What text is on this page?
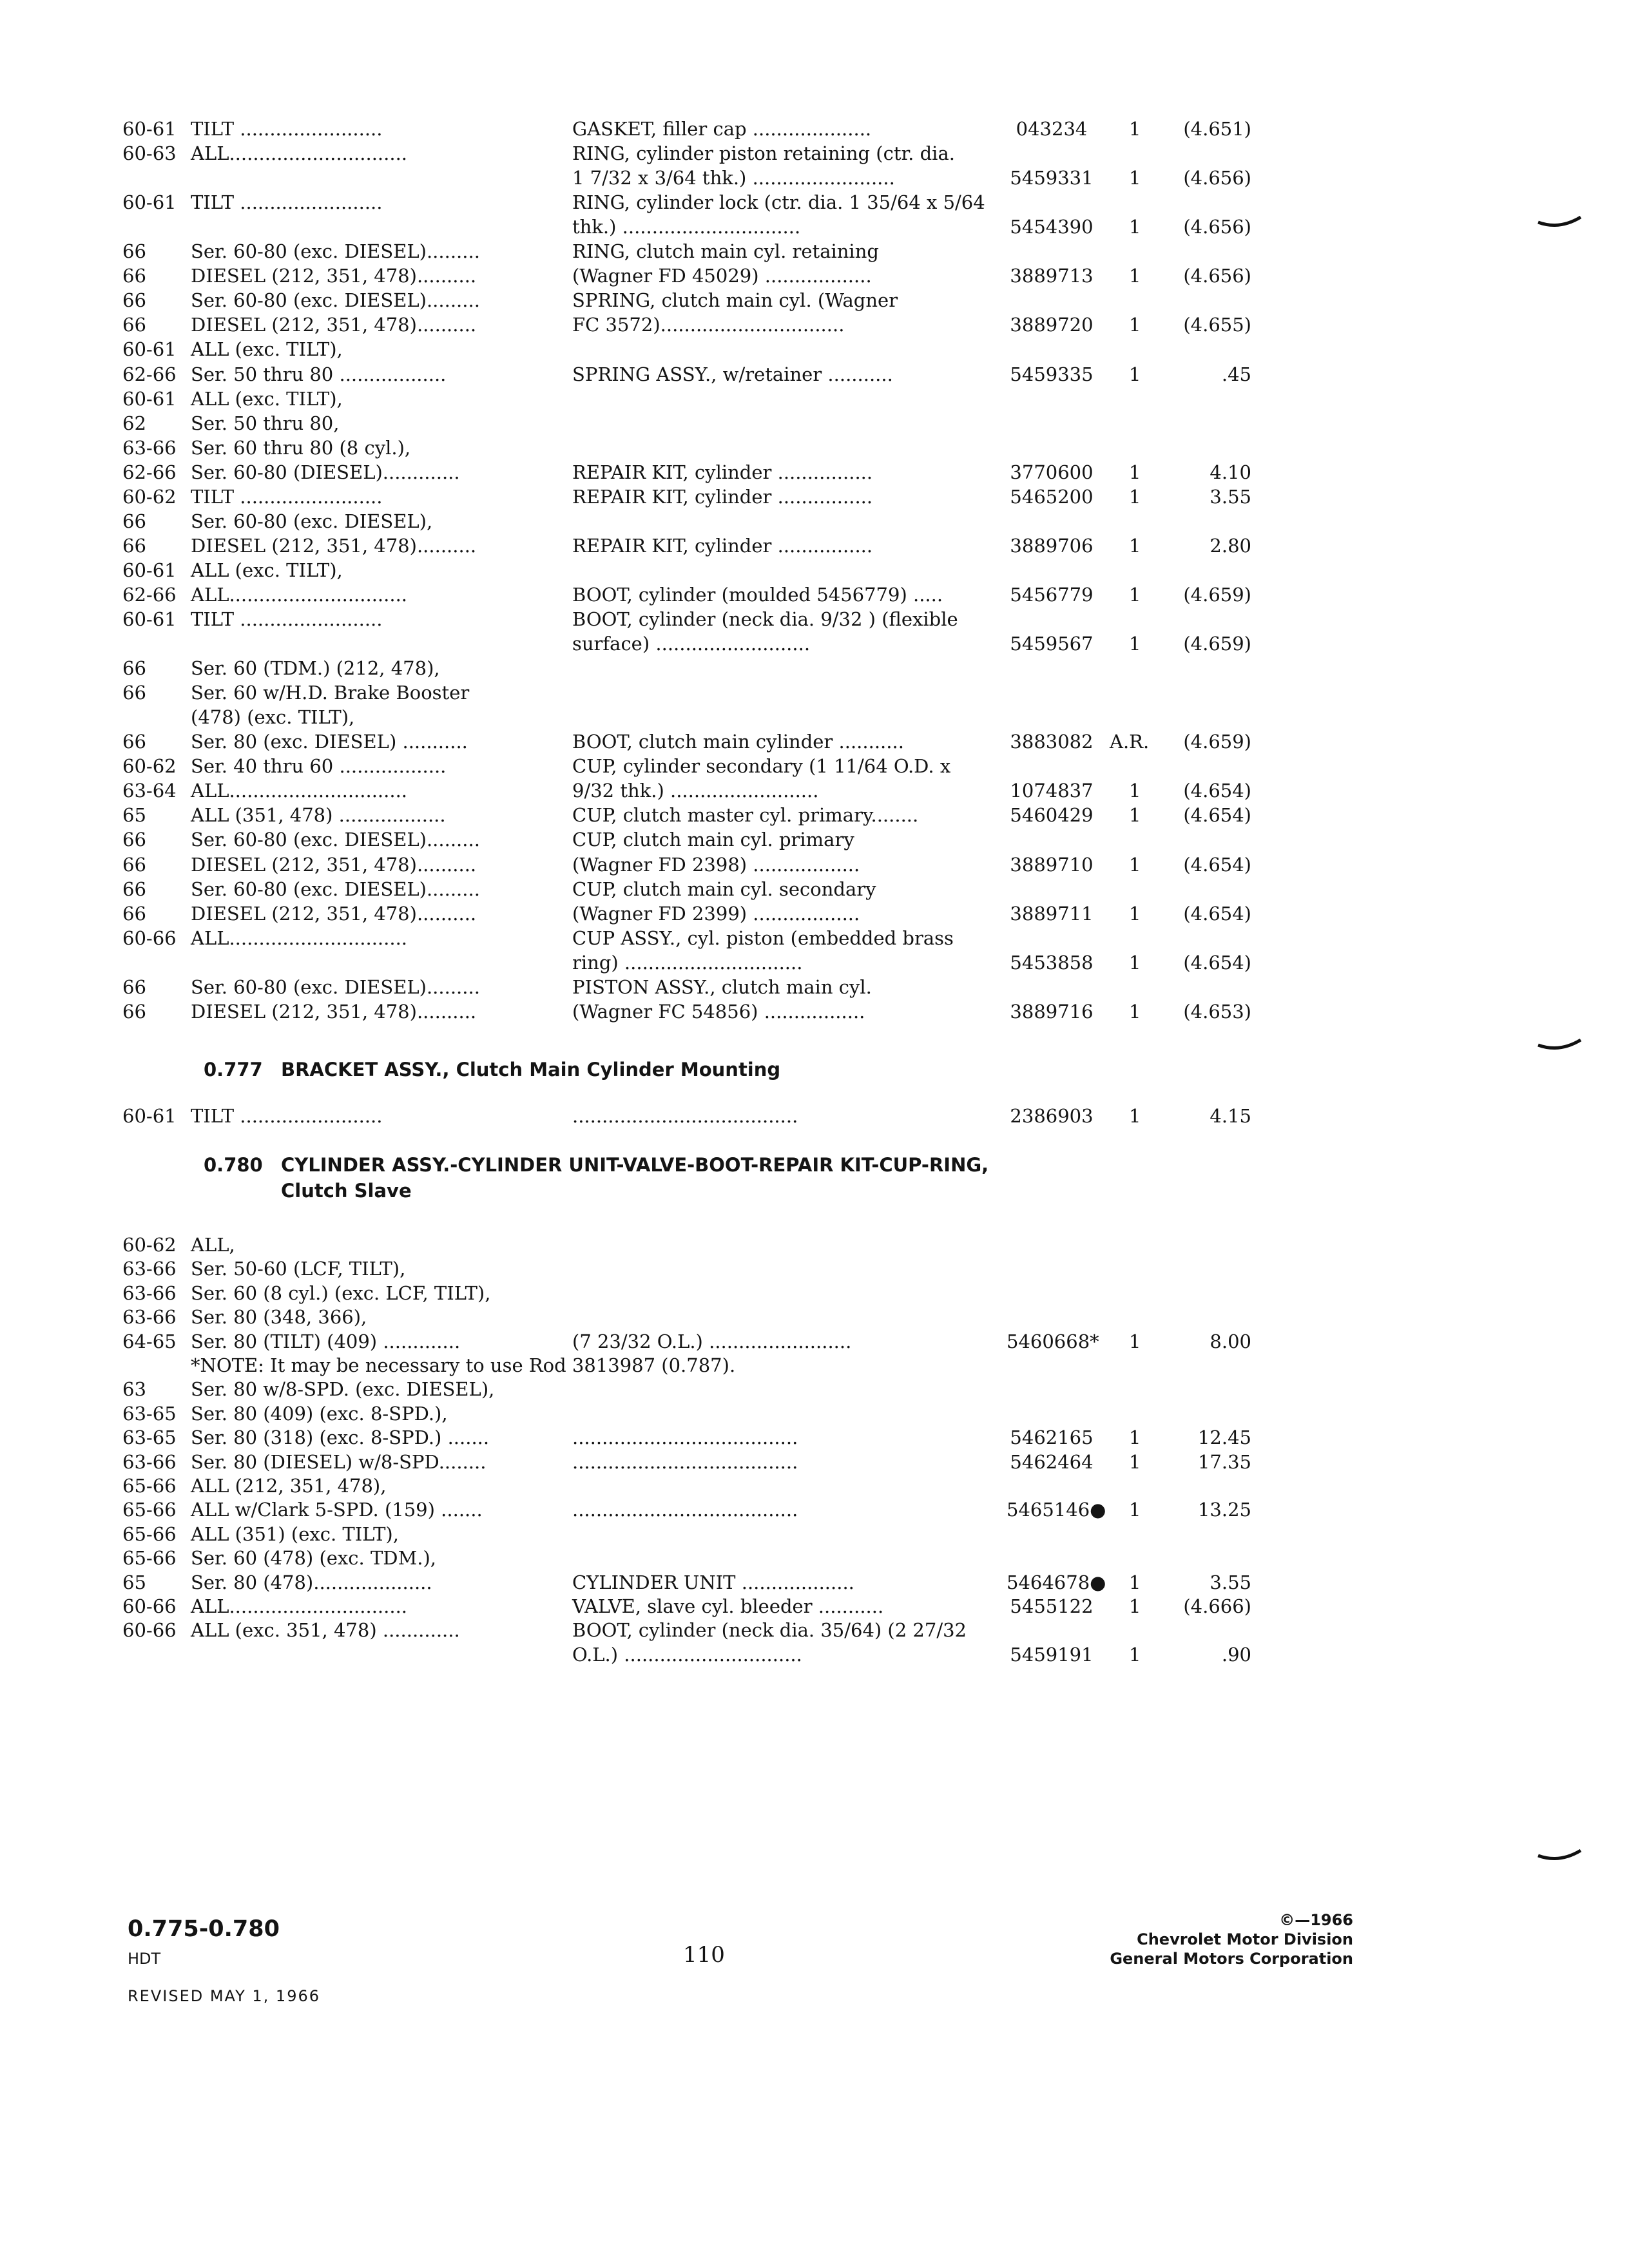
60-61 TILT ........................	GASKET, filler cap ....................	043234	1	(4.651)
60-63 ALL..............................	RING, cylinder piston retaining (ctr. dia.
1 7/32 x 3/64 thk.) ........................	5459331 1	(4.656)
60-61 TILT ........................	RING, cylinder lock (ctr. dia. 1 35/64 x 5/64
thk.) ..............................	5454390 1	(4.656)
66	Ser. 60-80 (exc. DIESEL).........	RING, clutch main cyl. retaining
66	DIESEL (212, 351, 478)..........	(Wagner FD 45029) ..................	3889713 1	(4.656)
66	Ser. 60-80 (exc. DIESEL).........	SPRING, clutch main cyl. (Wagner
66	DIESEL (212, 351, 478)..........	FC 3572)...............................	3889720 1	(4.655)
60-61 ALL (exc. TILT),
62-66 Ser. 50 thru 80 ..................	SPRING ASSY., w/retainer ...........	5459335 1	.45
60-61 ALL (exc. TILT),
62	Ser. 50 thru 80,
63-66 Ser. 60 thru 80 (8 cyl.),
62-66 Ser. 60-80 (DIESEL).............	REPAIR KIT, cylinder ................	3770600 1	4.10
60-62 TILT ........................	REPAIR KIT, cylinder ................	5465200 1	3.55
66	Ser. 60-80 (exc. DIESEL),
66	DIESEL (212, 351, 478)..........	REPAIR KIT, cylinder ................	3889706 1	2.80
60-61 ALL (exc. TILT),
62-66 ALL..............................	BOOT, cylinder (moulded 5456779) .....	5456779 1	(4.659)
60-61 TILT ........................	BOOT, cylinder (neck dia. 9/32 ) (flexible
surface) ..........................	5459567 1	(4.659)
66	Ser. 60 (TDM.) (212, 478),
66	Ser. 60 w/H.D. Brake Booster
(478) (exc. TILT),
66	Ser. 80 (exc. DIESEL) ...........	BOOT, clutch main cylinder ...........	3883082 A.R.	(4.659)
60-62 Ser. 40 thru 60 ..................	CUP, cylinder secondary (1 11/64 O.D. x
63-64 ALL..............................	9/32 thk.) .........................	1074837 1	(4.654)
65	ALL (351, 478) ..................	CUP, clutch master cyl. primary........	5460429 1	(4.654)
66	Ser. 60-80 (exc. DIESEL).........	CUP, clutch main cyl. primary
66	DIESEL (212, 351, 478)..........	(Wagner FD 2398) ..................	3889710 1	(4.654)
66	Ser. 60-80 (exc. DIESEL).........	CUP, clutch main cyl. secondary
66	DIESEL (212, 351, 478)..........	(Wagner FD 2399) ..................	3889711 1	(4.654)
60-66 ALL..............................	CUP ASSY., cyl. piston (embedded brass
ring) ..............................	5453858 1	(4.654)
66	Ser. 60-80 (exc. DIESEL).........	PISTON ASSY., clutch main cyl.
66	DIESEL (212, 351, 478)..........	(Wagner FC 54856) .................	3889716 1	(4.653)
0.777 BRACKET ASSY., Clutch Main Cylinder Mounting
60-61 TILT ........................	......................................	2386903 1	4.15
0.780 CYLINDER ASSY.-CYLINDER UNIT-VALVE-BOOT-REPAIR KIT-CUP-RING,
Clutch Slave
60-62 ALL,
63-66 Ser. 50-60 (LCF, TILT),
63-66 Ser. 60 (8 cyl.) (exc. LCF, TILT),
63-66 Ser. 80 (348, 366),
64-65 Ser. 80 (TILT) (409) .............	(7 23/32 O.L.) ........................	5460668* 1	8.00
*NOTE: It may be necessary to use Rod 3813987 (0.787).
63	Ser. 80 w/8-SPD. (exc. DIESEL),
63-65 Ser. 80 (409) (exc. 8-SPD.),
63-65 Ser. 80 (318) (exc. 8-SPD.) .......	......................................	5462165 1	12.45
63-66 Ser. 80 (DIESEL) w/8-SPD........	......................................	5462464 1	17.35
65-66 ALL (212, 351, 478),
65-66 ALL w/Clark 5-SPD. (159) .......	......................................	5465146● 1	13.25
65-66 ALL (351) (exc. TILT),
65-66 Ser. 60 (478) (exc. TDM.),
65	Ser. 80 (478)....................	CYLINDER UNIT ...................	5464678● 1	3.55
60-66 ALL..............................	VALVE, slave cyl. bleeder ...........	5455122 1	(4.666)
60-66 ALL (exc. 351, 478) .............	BOOT, cylinder (neck dia. 35/64) (2 27/32
O.L.) ..............................	5459191 1	.90
0.775-0.780
HDT
REVISED MAY 1, 1966
110
©—1966
Chevrolet Motor Division
General Motors Corporation
